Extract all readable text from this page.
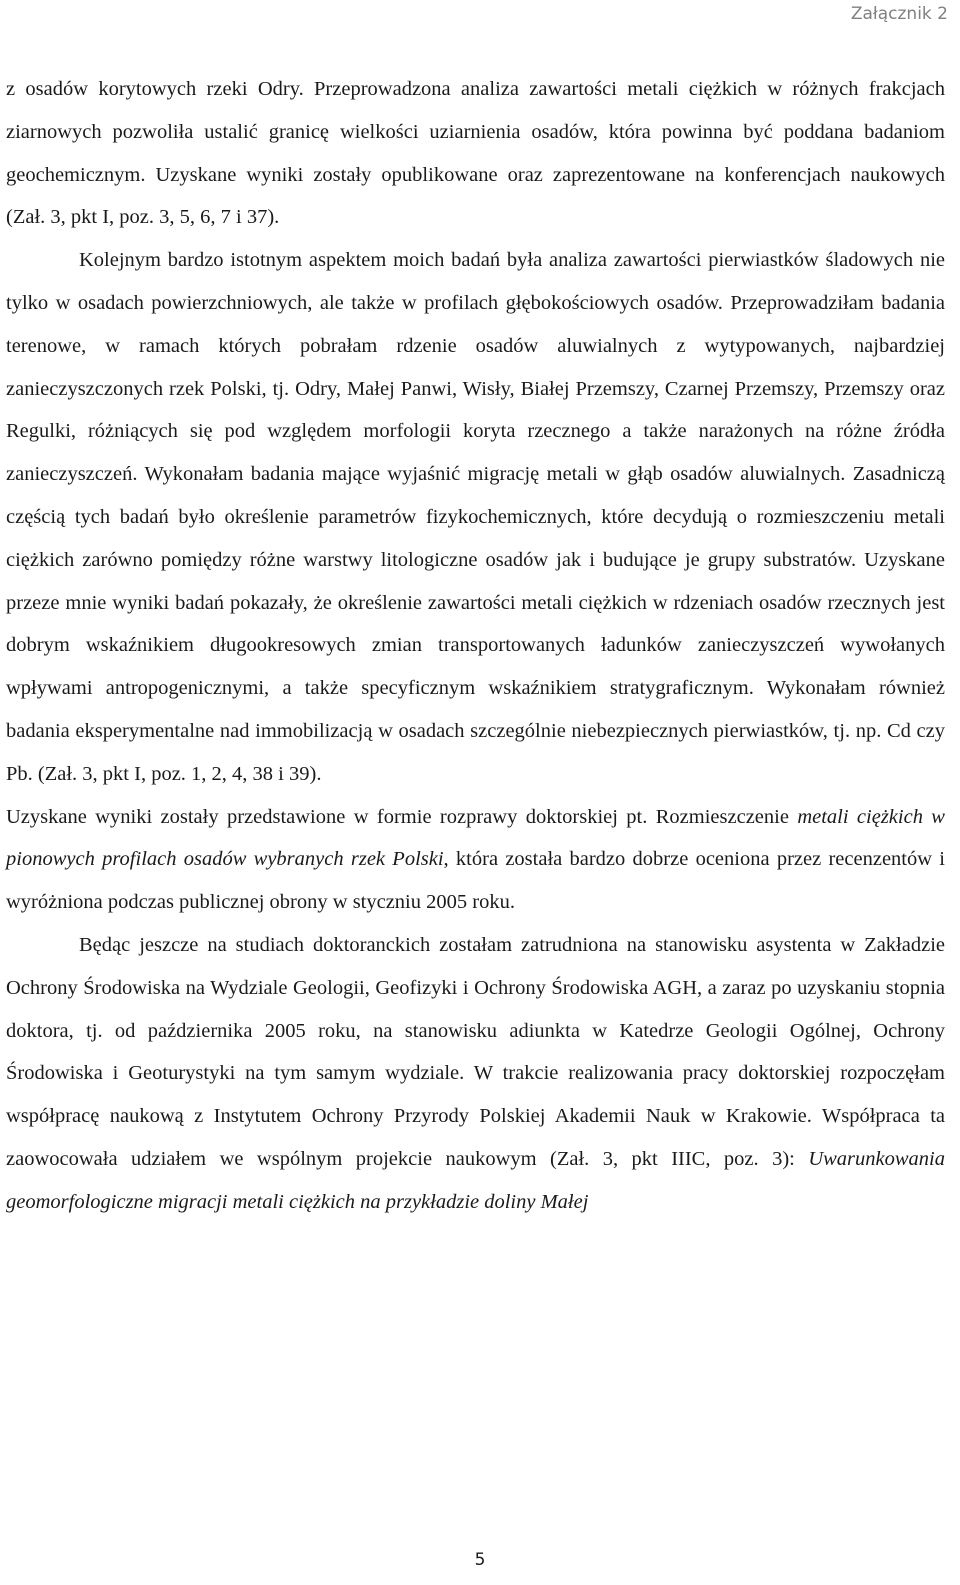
Załącznik 2

z osadów korytowych rzeki Odry. Przeprowadzona analiza zawartości metali ciężkich w różnych frakcjach ziarnowych pozwoliła ustalić granicę wielkości uziarnienia osadów, która powinna być poddana badaniom geochemicznym. Uzyskane wyniki zostały opublikowane oraz zaprezentowane na konferencjach naukowych (Zał. 3, pkt I, poz. 3, 5, 6, 7 i 37).

Kolejnym bardzo istotnym aspektem moich badań była analiza zawartości pierwiastków śladowych nie tylko w osadach powierzchniowych, ale także w profilach głębokościowych osadów. Przeprowadziłam badania terenowe, w ramach których pobrałam rdzenie osadów aluwialnych z wytypowanych, najbardziej zanieczyszczonych rzek Polski, tj. Odry, Małej Panwi, Wisły, Białej Przemszy, Czarnej Przemszy, Przemszy oraz Regulki, różniących się pod względem morfologii koryta rzecznego a także narażonych na różne źródła zanieczyszczeń. Wykonałam badania mające wyjaśnić migrację metali w głąb osadów aluwialnych. Zasadniczą częścią tych badań było określenie parametrów fizykochemicznych, które decydują o rozmieszczeniu metali ciężkich zarówno pomiędzy różne warstwy litologiczne osadów jak i budujące je grupy substratów. Uzyskane przeze mnie wyniki badań pokazały, że określenie zawartości metali ciężkich w rdzeniach osadów rzecznych jest dobrym wskaźnikiem długookresowych zmian transportowanych ładunków zanieczyszczeń wywołanych wpływami antropogenicznymi, a także specyficznym wskaźnikiem stratygraficznym. Wykonałam również badania eksperymentalne nad immobilizacją w osadach szczególnie niebezpiecznych pierwiastków, tj. np. Cd czy Pb. (Zał. 3, pkt I, poz. 1, 2, 4, 38 i 39).

Uzyskane wyniki zostały przedstawione w formie rozprawy doktorskiej pt. Rozmieszczenie metali ciężkich w pionowych profilach osadów wybranych rzek Polski, która została bardzo dobrze oceniona przez recenzentów i wyróżniona podczas publicznej obrony w styczniu 2005 roku.

Będąc jeszcze na studiach doktoranckich zostałam zatrudniona na stanowisku asystenta w Zakładzie Ochrony Środowiska na Wydziale Geologii, Geofizyki i Ochrony Środowiska AGH, a zaraz po uzyskaniu stopnia doktora, tj. od października 2005 roku, na stanowisku adiunkta w Katedrze Geologii Ogólnej, Ochrony Środowiska i Geoturystyki na tym samym wydziale. W trakcie realizowania pracy doktorskiej rozpoczęłam współpracę naukową z Instytutem Ochrony Przyrody Polskiej Akademii Nauk w Krakowie. Współpraca ta zaowocowała udziałem we wspólnym projekcie naukowym (Zał. 3, pkt IIIC, poz. 3): Uwarunkowania geomorfologiczne migracji metali ciężkich na przykładzie doliny Małej

5
